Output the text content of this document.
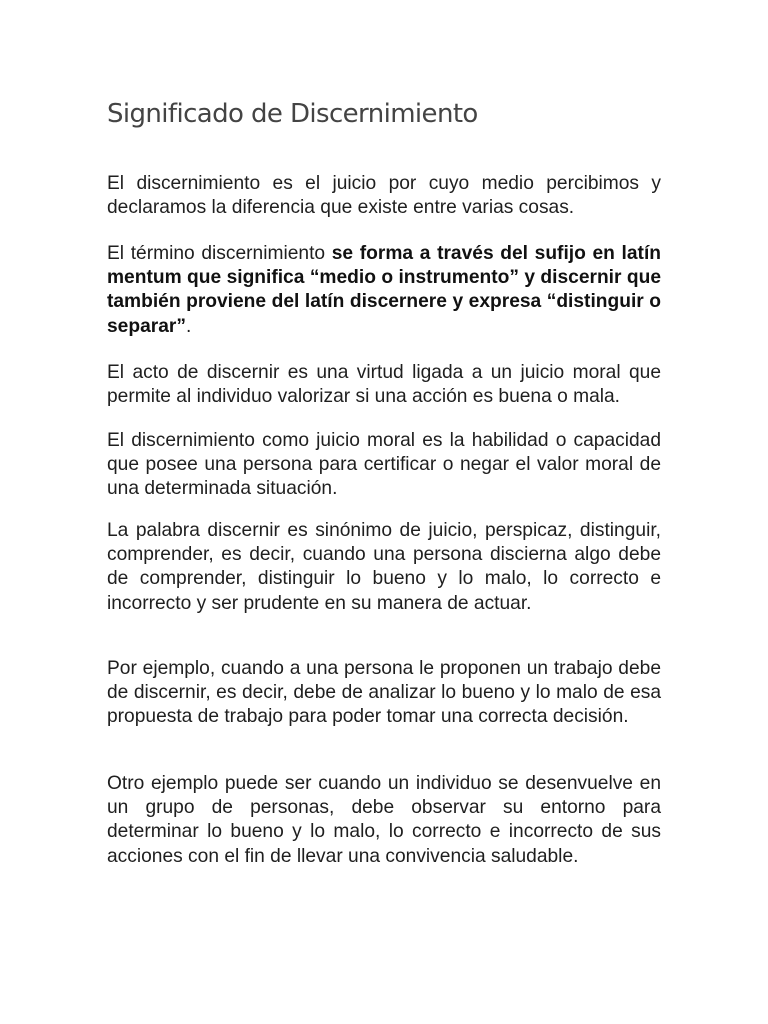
Significado de Discernimiento

El discernimiento es el juicio por cuyo medio percibimos y declaramos la diferencia que existe entre varias cosas.

El término discernimiento se forma a través del sufijo en latín mentum que significa “medio o instrumento” y discernir que también proviene del latín discernere y expresa “distinguir o separar”.

El acto de discernir es una virtud ligada a un juicio moral que permite al individuo valorizar si una acción es buena o mala.

El discernimiento como juicio moral es la habilidad o capacidad que posee una persona para certificar o negar el valor moral de una determinada situación.

La palabra discernir es sinónimo de juicio, perspicaz, distinguir, comprender, es decir, cuando una persona discierna algo debe de comprender, distinguir lo bueno y lo malo, lo correcto e incorrecto y ser prudente en su manera de actuar.

Por ejemplo, cuando a una persona le proponen un trabajo debe de discernir, es decir, debe de analizar lo bueno y lo malo de esa propuesta de trabajo para poder tomar una correcta decisión.

Otro ejemplo puede ser cuando un individuo se desenvuelve en un grupo de personas, debe observar su entorno para determinar lo bueno y lo malo, lo correcto e incorrecto de sus acciones con el fin de llevar una convivencia saludable.
